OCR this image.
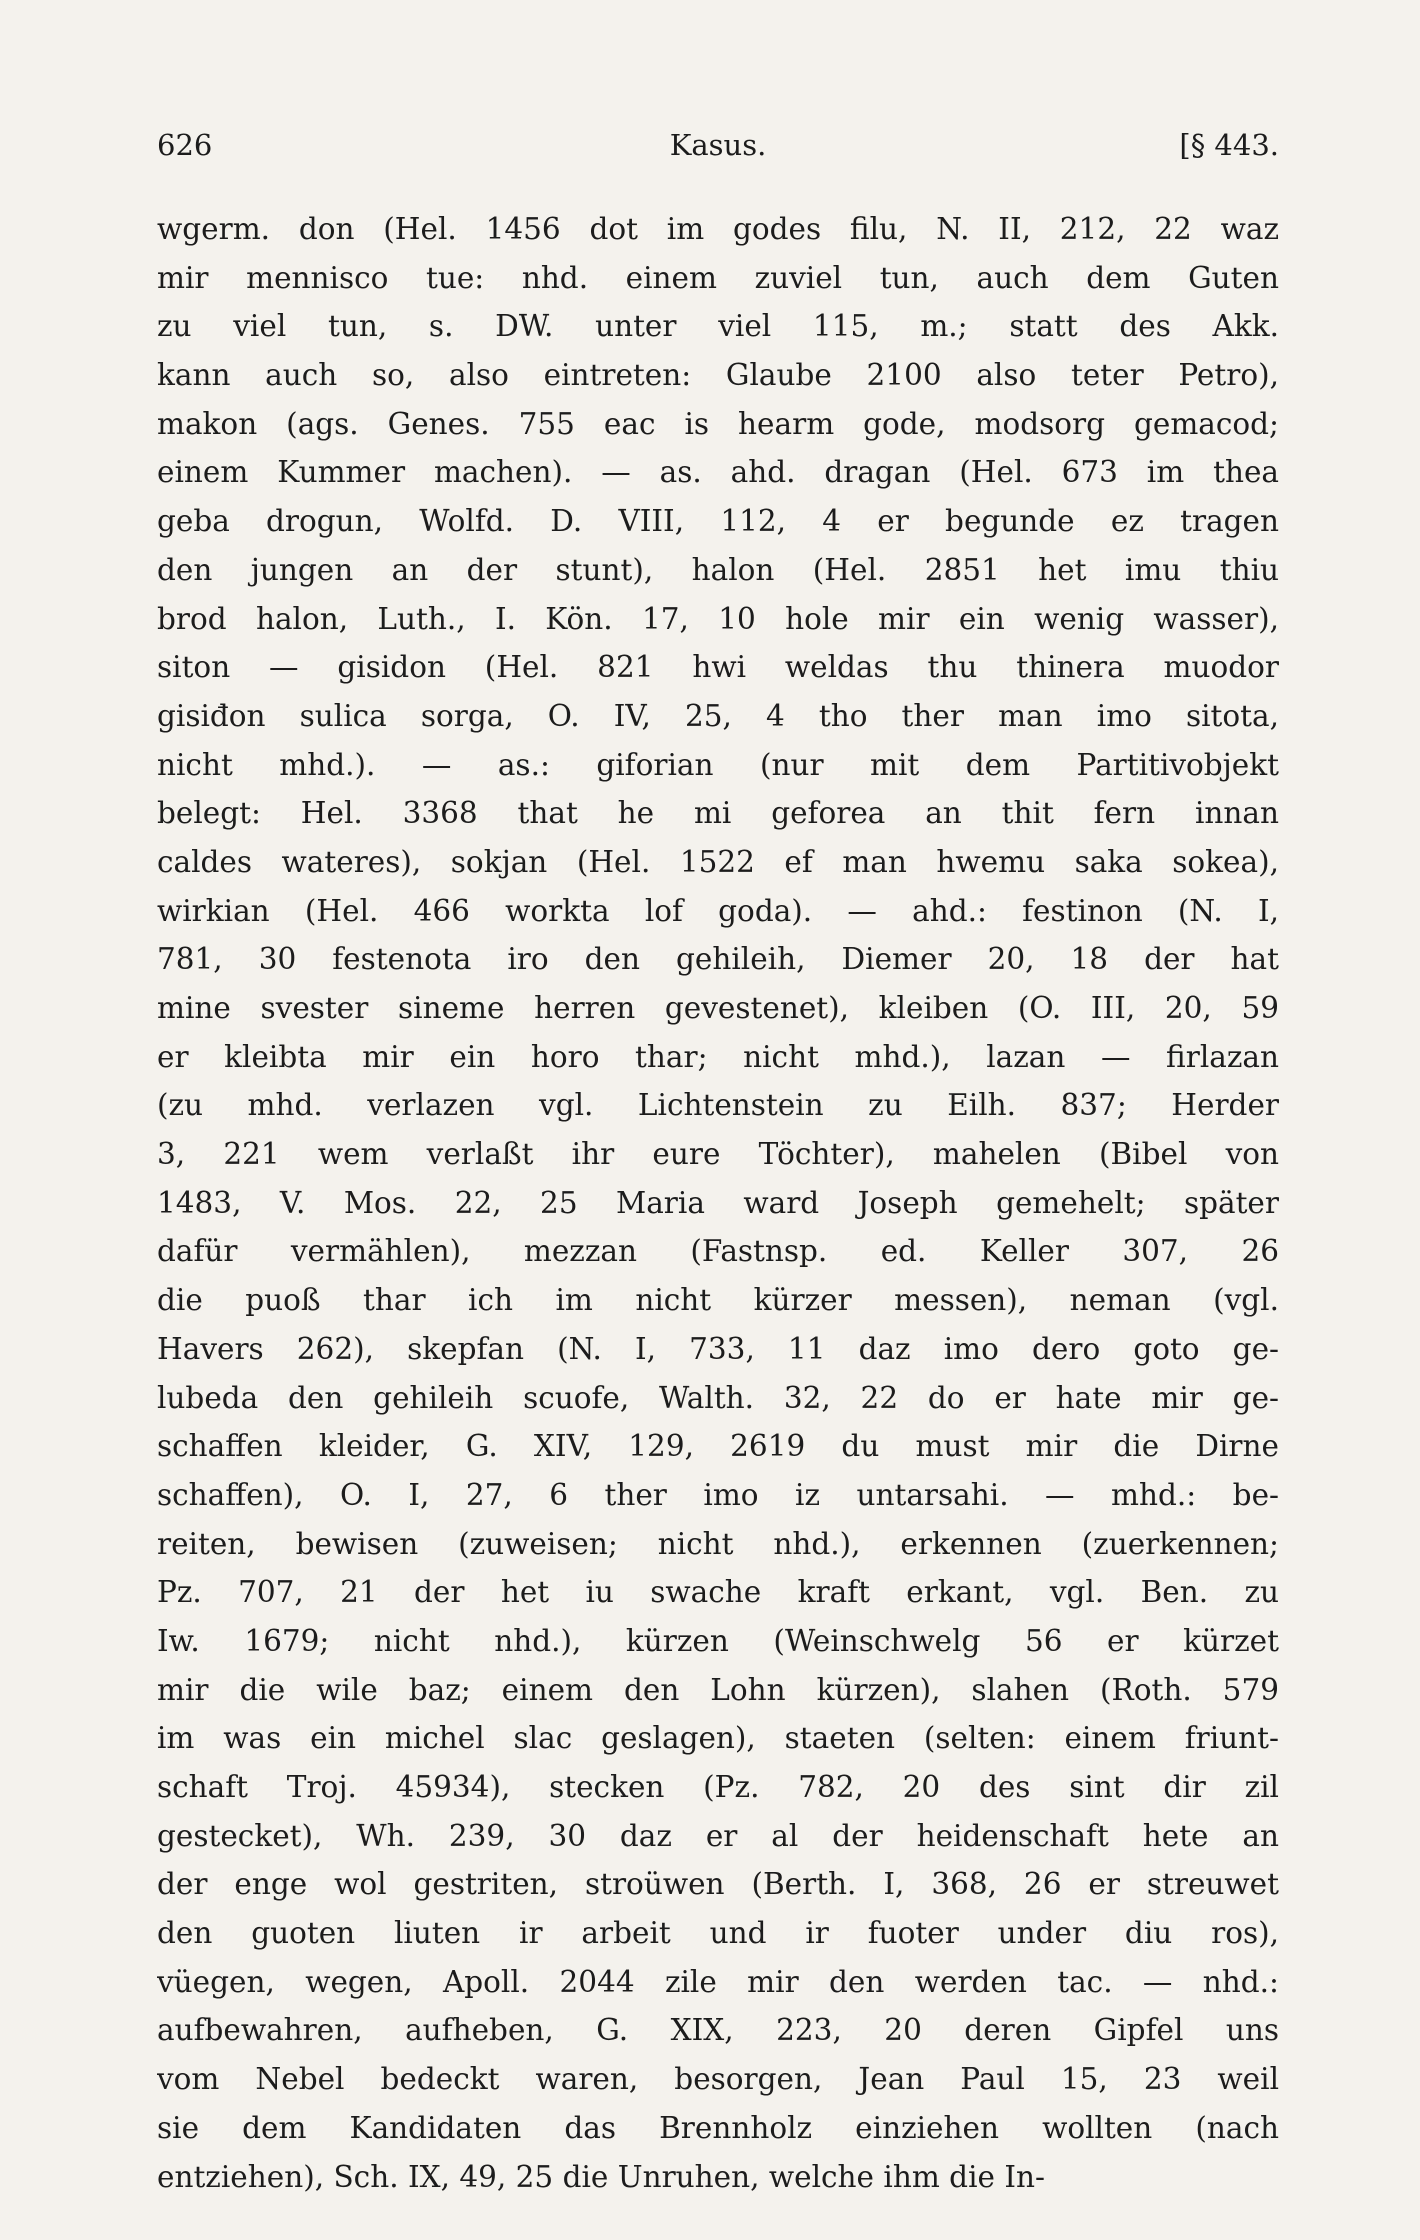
626	Kasus.	[§ 443.
wgerm. don (Hel. 1456 dot im godes filu, N. II, 212, 22 waz
mir mennisco tue: nhd. einem zuviel tun, auch dem Guten
zu viel tun, s. DW. unter viel 115, m.; statt des Akk.
kann auch so, also eintreten: Glaube 2100 also teter Petro),
makon (ags. Genes. 755 eac is hearm gode, modsorg gemacod;
einem Kummer machen). — as. ahd. dragan (Hel. 673 im thea
geba drogun, Wolfd. D. VIII, 112, 4 er begunde ez tragen
den jungen an der stunt), halon (Hel. 2851 het imu thiu
brod halon, Luth., I. Kön. 17, 10 hole mir ein wenig wasser),
siton — gisidon (Hel. 821 hwi weldas thu thinera muodor
gisiđon sulica sorga, O. IV, 25, 4 tho ther man imo sitota,
nicht mhd.). — as.: giforian (nur mit dem Partitivobjekt
belegt: Hel. 3368 that he mi geforea an thit fern innan
caldes wateres), sokjan (Hel. 1522 ef man hwemu saka sokea),
wirkian (Hel. 466 workta lof goda). — ahd.: festinon (N. I,
781, 30 festenota iro den gehileih, Diemer 20, 18 der hat
mine svester sineme herren gevestenet), kleiben (O. III, 20, 59
er kleibta mir ein horo thar; nicht mhd.), lazan — firlazan
(zu mhd. verlazen vgl. Lichtenstein zu Eilh. 837; Herder
3, 221 wem verlaßt ihr eure Töchter), mahelen (Bibel von
1483, V. Mos. 22, 25 Maria ward Joseph gemehelt; später
dafür vermählen), mezzan (Fastnsp. ed. Keller 307, 26
die puoß thar ich im nicht kürzer messen), neman (vgl.
Havers 262), skepfan (N. I, 733, 11 daz imo dero goto ge-
lubeda den gehileih scuofe, Walth. 32, 22 do er hate mir ge-
schaffen kleider, G. XIV, 129, 2619 du must mir die Dirne
schaffen), O. I, 27, 6 ther imo iz untarsahi. — mhd.: be-
reiten, bewisen (zuweisen; nicht nhd.), erkennen (zuerkennen;
Pz. 707, 21 der het iu swache kraft erkant, vgl. Ben. zu
Iw. 1679; nicht nhd.), kürzen (Weinschwelg 56 er kürzet
mir die wile baz; einem den Lohn kürzen), slahen (Roth. 579
im was ein michel slac geslagen), staeten (selten: einem friunt-
schaft Troj. 45934), stecken (Pz. 782, 20 des sint dir zil
gestecket), Wh. 239, 30 daz er al der heidenschaft hete an
der enge wol gestriten, stroüwen (Berth. I, 368, 26 er streuwet
den guoten liuten ir arbeit und ir fuoter under diu ros),
vüegen, wegen, Apoll. 2044 zile mir den werden tac. — nhd.:
aufbewahren, aufheben, G. XIX, 223, 20 deren Gipfel uns
vom Nebel bedeckt waren, besorgen, Jean Paul 15, 23 weil
sie dem Kandidaten das Brennholz einziehen wollten (nach
entziehen), Sch. IX, 49, 25 die Unruhen, welche ihm die In-
